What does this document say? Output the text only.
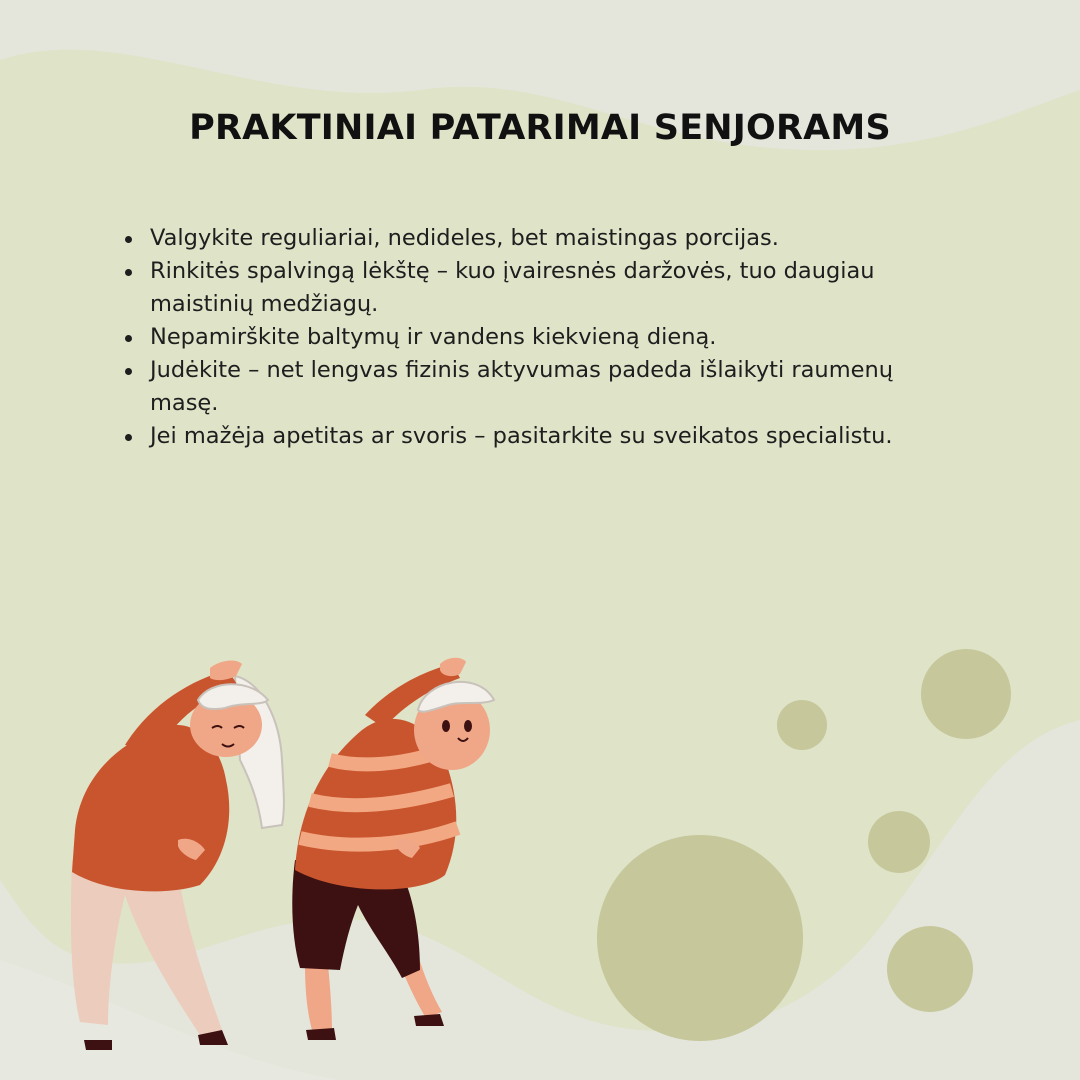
PRAKTINIAI PATARIMAI SENJORAMS
Valgykite reguliariai, nedideles, bet maistingas porcijas.
Rinkitės spalvingą lėkštę – kuo įvairesnės daržovės, tuo daugiau maistinių medžiagų.
Nepamirškite baltymų ir vandens kiekvieną dieną.
Judėkite – net lengvas fizinis aktyvumas padeda išlaikyti raumenų masę.
Jei mažėja apetitas ar svoris – pasitarkite su sveikatos specialistu.
